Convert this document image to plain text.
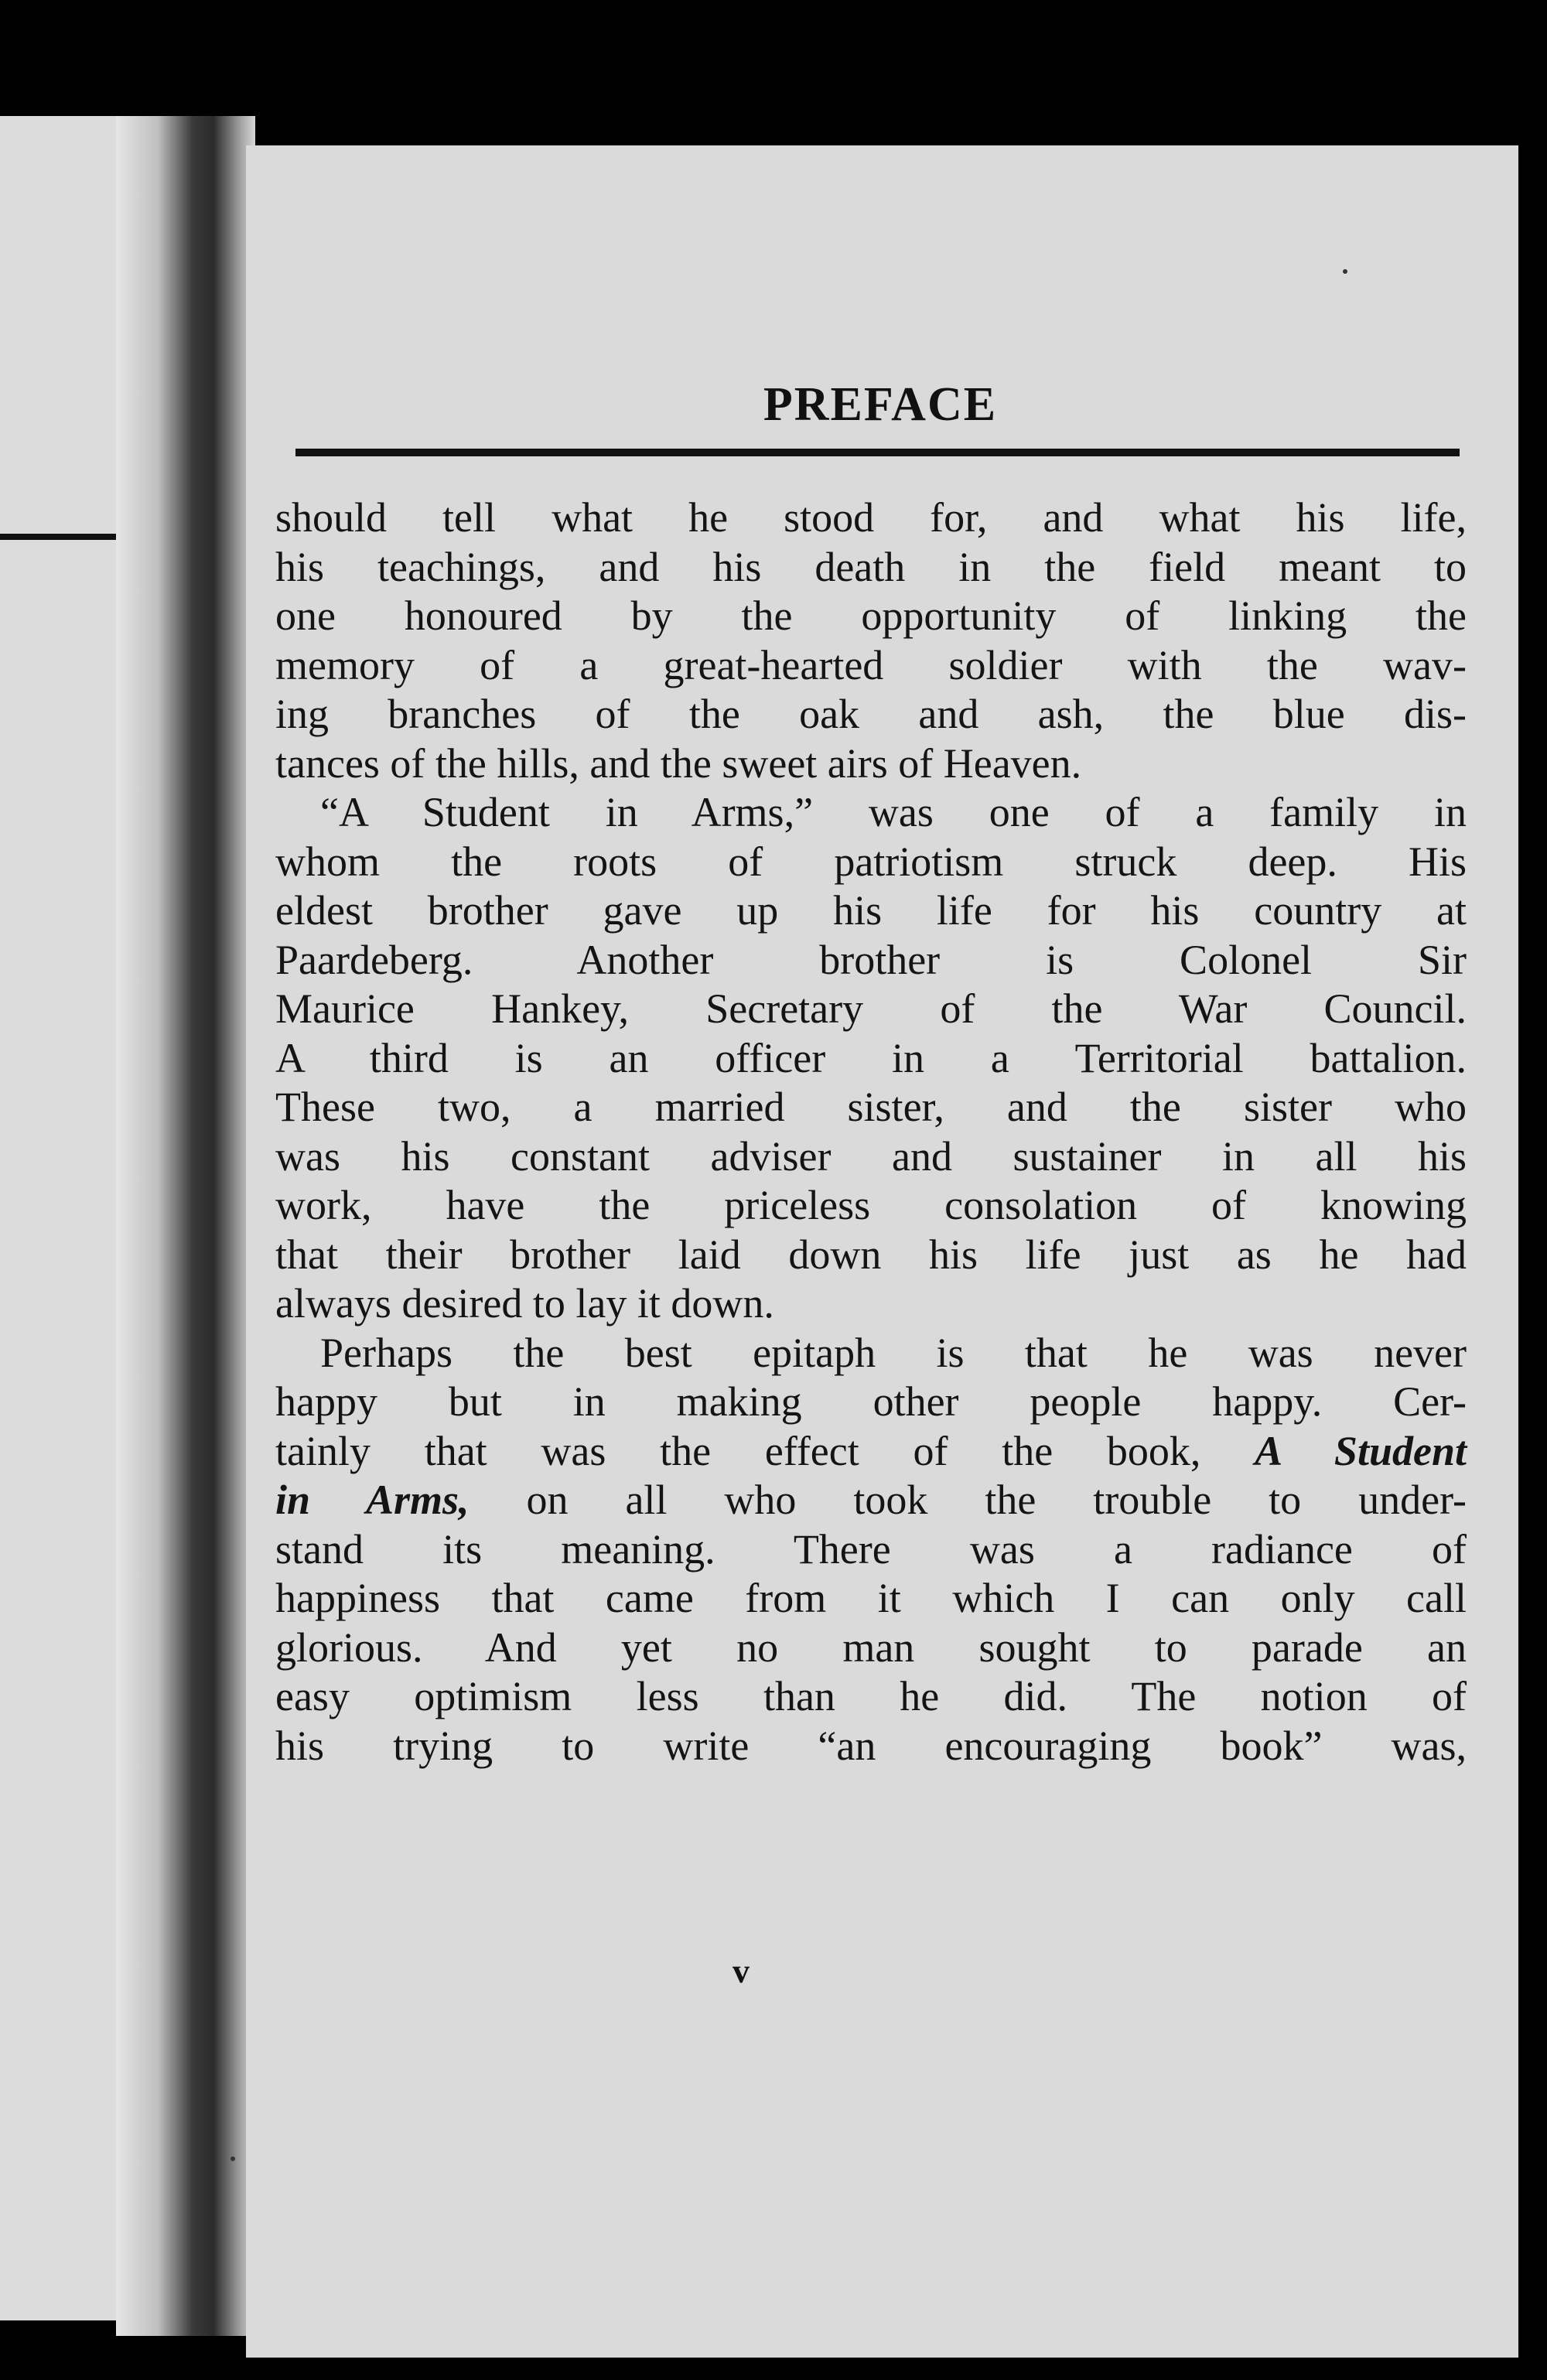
PREFACE
should tell what he stood for, and what his life,
his teachings, and his death in the field meant to
one honoured by the opportunity of linking the
memory of a great-hearted soldier with the wav-
ing branches of the oak and ash, the blue dis-
tances of the hills, and the sweet airs of Heaven.
“A Student in Arms,” was one of a family in
whom the roots of patriotism struck deep. His
eldest brother gave up his life for his country at
Paardeberg. Another brother is Colonel Sir
Maurice Hankey, Secretary of the War Council.
A third is an officer in a Territorial battalion.
These two, a married sister, and the sister who
was his constant adviser and sustainer in all his
work, have the priceless consolation of knowing
that their brother laid down his life just as he had
always desired to lay it down.
Perhaps the best epitaph is that he was never
happy but in making other people happy. Cer-
tainly that was the effect of the book, A Student
in Arms, on all who took the trouble to under-
stand its meaning. There was a radiance of
happiness that came from it which I can only call
glorious. And yet no man sought to parade an
easy optimism less than he did. The notion of
his trying to write “an encouraging book” was,
v
